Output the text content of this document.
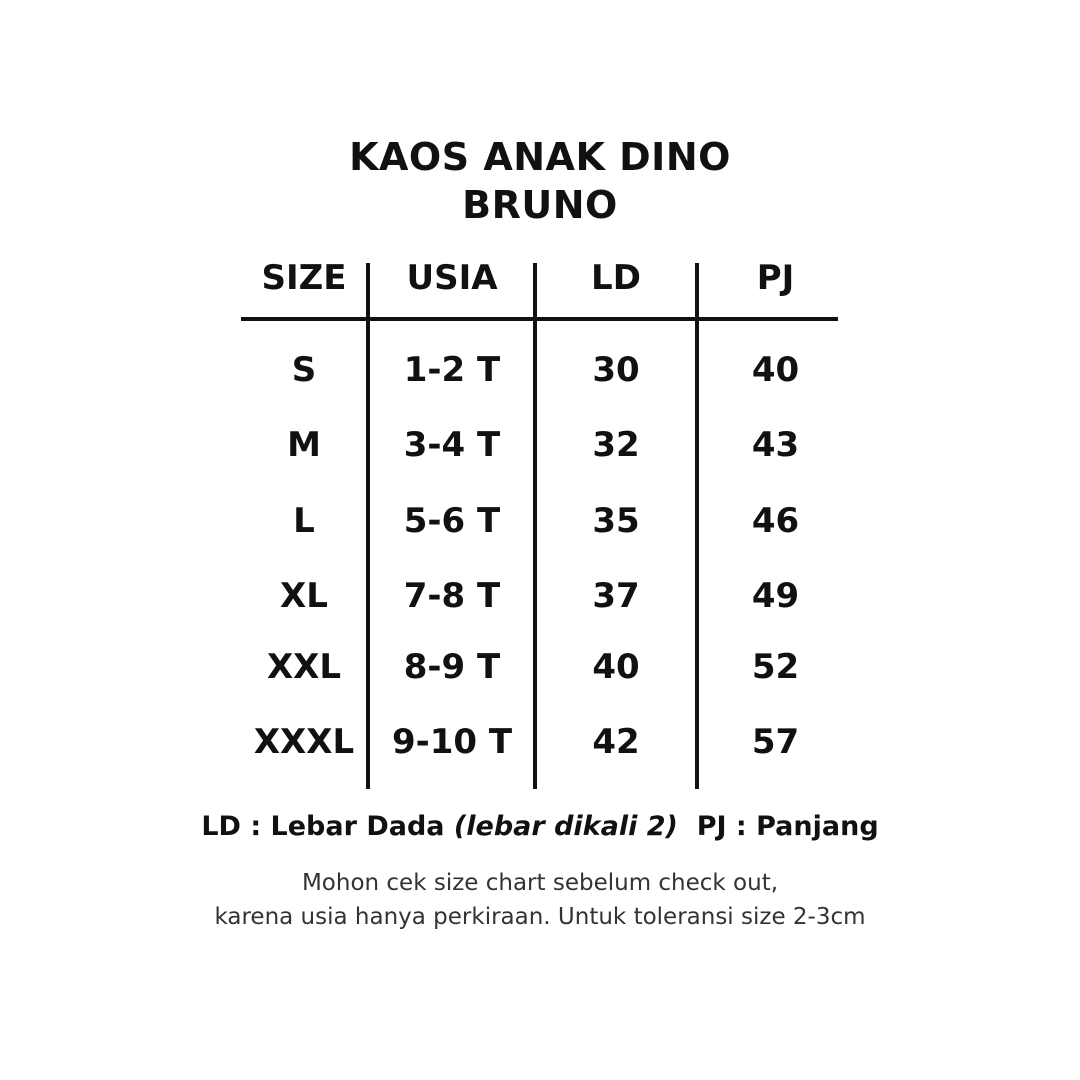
KAOS ANAK DINO
BRUNO
SIZE	USIA	LD	PJ
S	1-2 T	30	40
M	3-4 T	32	43
L	5-6 T	35	46
XL	7-8 T	37	49
XXL	8-9 T	40	52
XXXL	9-10 T	42	57
LD : Lebar Dada (lebar dikali 2) PJ : Panjang
Mohon cek size chart sebelum check out,
karena usia hanya perkiraan. Untuk toleransi size 2-3cm
